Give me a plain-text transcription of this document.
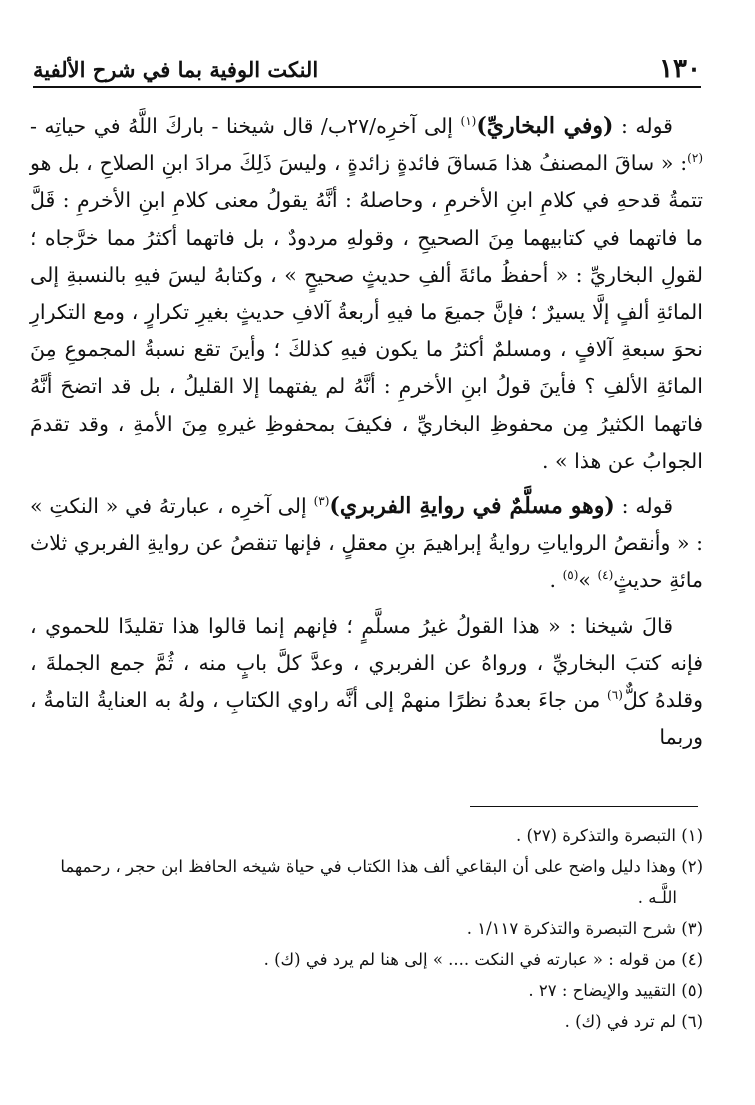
١٣٠
النكت الوفية بما في شرح الألفية

قوله : (وفي البخاريِّ)$^{(١)}$ إلى آخرِه/٢٧ب/ قال شيخنا - باركَ اللَّهُ في حياتِه -$^{(٢)}$: « ساقَ المصنفُ هذا مَساقَ فائدةٍ زائدةٍ ، وليسَ ذَلِكَ مرادَ ابنِ الصلاحِ ، بل هو تتمةُ قدحهِ في كلامِ ابنِ الأخرمِ ، وحاصلهُ : أنَّهُ يقولُ معنى كلامِ ابنِ الأخرمِ : قَلَّ ما فاتهما في كتابيهما مِنَ الصحيحِ ، وقولهِ مردودٌ ، بل فاتهما أكثرُ مما خرَّجاه ؛ لقولِ البخاريِّ : « أحفظُ مائةَ ألفِ حديثٍ صحيحٍ » ، وكتابهُ ليسَ فيهِ بالنسبةِ إلى المائةِ ألفٍ إلَّا يسيرٌ ؛ فإنَّ جميعَ ما فيهِ أربعةُ آلافِ حديثٍ بغيرِ تكرارٍ ، ومع التكرارِ نحوَ سبعةِ آلافٍ ، ومسلمٌ أكثرُ ما يكون فيهِ كذلكَ ؛ وأينَ تقع نسبةُ المجموعِ مِنَ المائةِ الألفِ ؟ فأينَ قولُ ابنِ الأخرمِ : أنَّهُ لم يفتهما إلا القليلُ ، بل قد اتضحَ أنَّهُ فاتهما الكثيرُ مِن محفوظِ البخاريِّ ، فكيفَ بمحفوظِ غيرهِ مِنَ الأمةِ ، وقد تقدمَ الجوابُ عن هذا » .

قوله : (وهو مسلَّمٌ في روايةِ الفربري)$^{(٣)}$ إلى آخرِه ، عبارتهُ في « النكتِ » : « وأنقصُ الرواياتِ روايةُ إبراهيمَ بنِ معقلٍ ، فإنها تنقصُ عن روايةِ الفربري ثلاث مائةِ حديثٍ$^{(٤)}$ »$^{(٥)}$ .

قالَ شيخنا : « هذا القولُ غيرُ مسلَّمٍ ؛ فإنهم إنما قالوا هذا تقليدًا للحموي ، فإنه كتبَ البخاريِّ ، ورواهُ عن الفربري ، وعدَّ كلَّ بابٍ منه ، ثُمَّ جمع الجملةَ ، وقلدهُ كلٌّ$^{(٦)}$ من جاءَ بعدهُ نظرًا منهمْ إلى أنَّه راوي الكتابِ ، ولهُ به العنايةُ التامةُ ، وربما

(١) التبصرة والتذكرة (٢٧) .

(٢) وهذا دليل واضح على أن البقاعي ألف هذا الكتاب في حياة شيخه الحافظ ابن حجر ، رحمهما اللَّـه .

(٣) شرح التبصرة والتذكرة ١/١١٧ .

(٤) من قوله : « عبارته في النكت .... » إلى هنا لم يرد في (ك) .

(٥) التقييد والإيضاح : ٢٧ .

(٦) لم ترد في (ك) .
